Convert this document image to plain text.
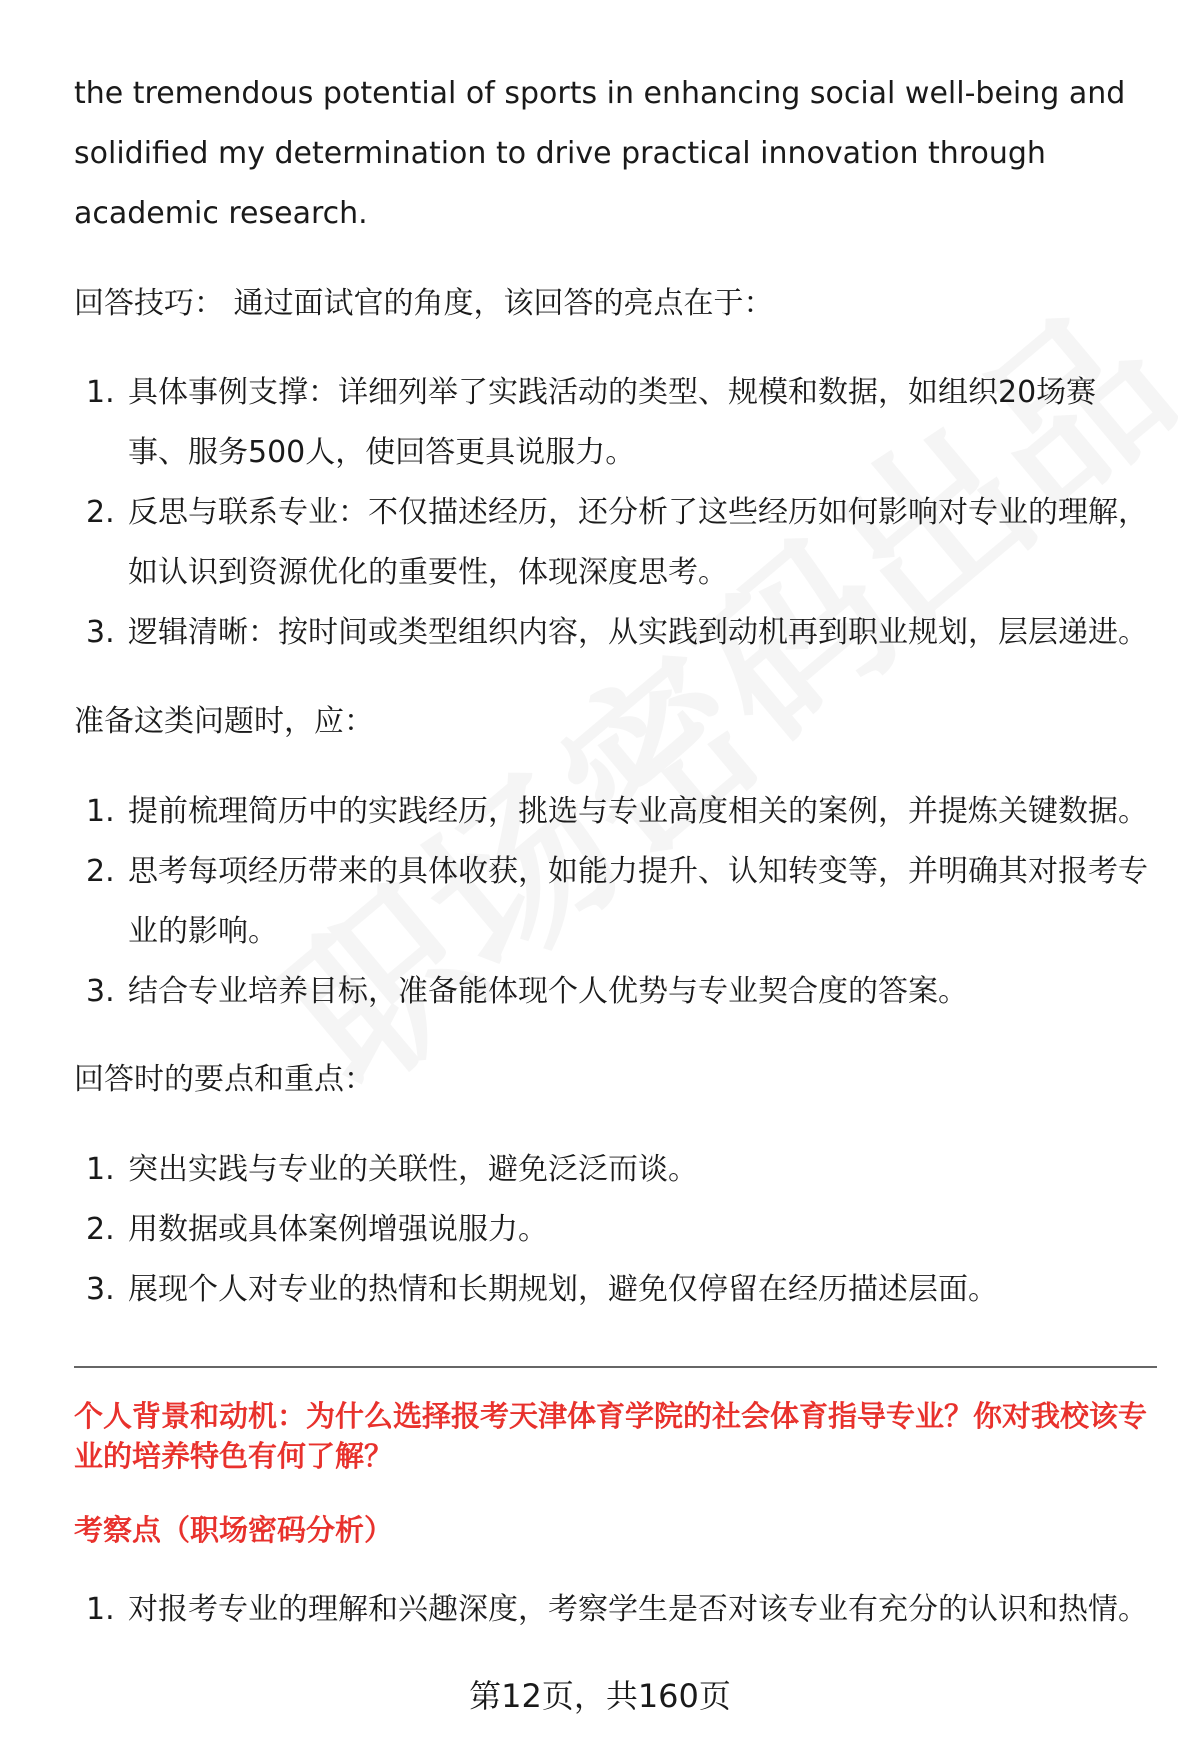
the tremendous potential of sports in enhancing social well-being and solidified my determination to drive practical innovation through academic research.

回答技巧： 通过面试官的角度，该回答的亮点在于：
1. 具体事例支撑：详细列举了实践活动的类型、规模和数据，如组织20场赛事、服务500人，使回答更具说服力。
2. 反思与联系专业：不仅描述经历，还分析了这些经历如何影响对专业的理解，如认识到资源优化的重要性，体现深度思考。
3. 逻辑清晰：按时间或类型组织内容，从实践到动机再到职业规划，层层递进。
准备这类问题时，应：
1. 提前梳理简历中的实践经历，挑选与专业高度相关的案例，并提炼关键数据。
2. 思考每项经历带来的具体收获，如能力提升、认知转变等，并明确其对报考专业的影响。
3. 结合专业培养目标，准备能体现个人优势与专业契合度的答案。
回答时的要点和重点：
1. 突出实践与专业的关联性，避免泛泛而谈。
2. 用数据或具体案例增强说服力。
3. 展现个人对专业的热情和长期规划，避免仅停留在经历描述层面。
个人背景和动机：为什么选择报考天津体育学院的社会体育指导专业？你对我校该专业的培养特色有何了解？
考察点（职场密码分析）
1. 对报考专业的理解和兴趣深度，考察学生是否对该专业有充分的认识和热情。
第12页，共160页
